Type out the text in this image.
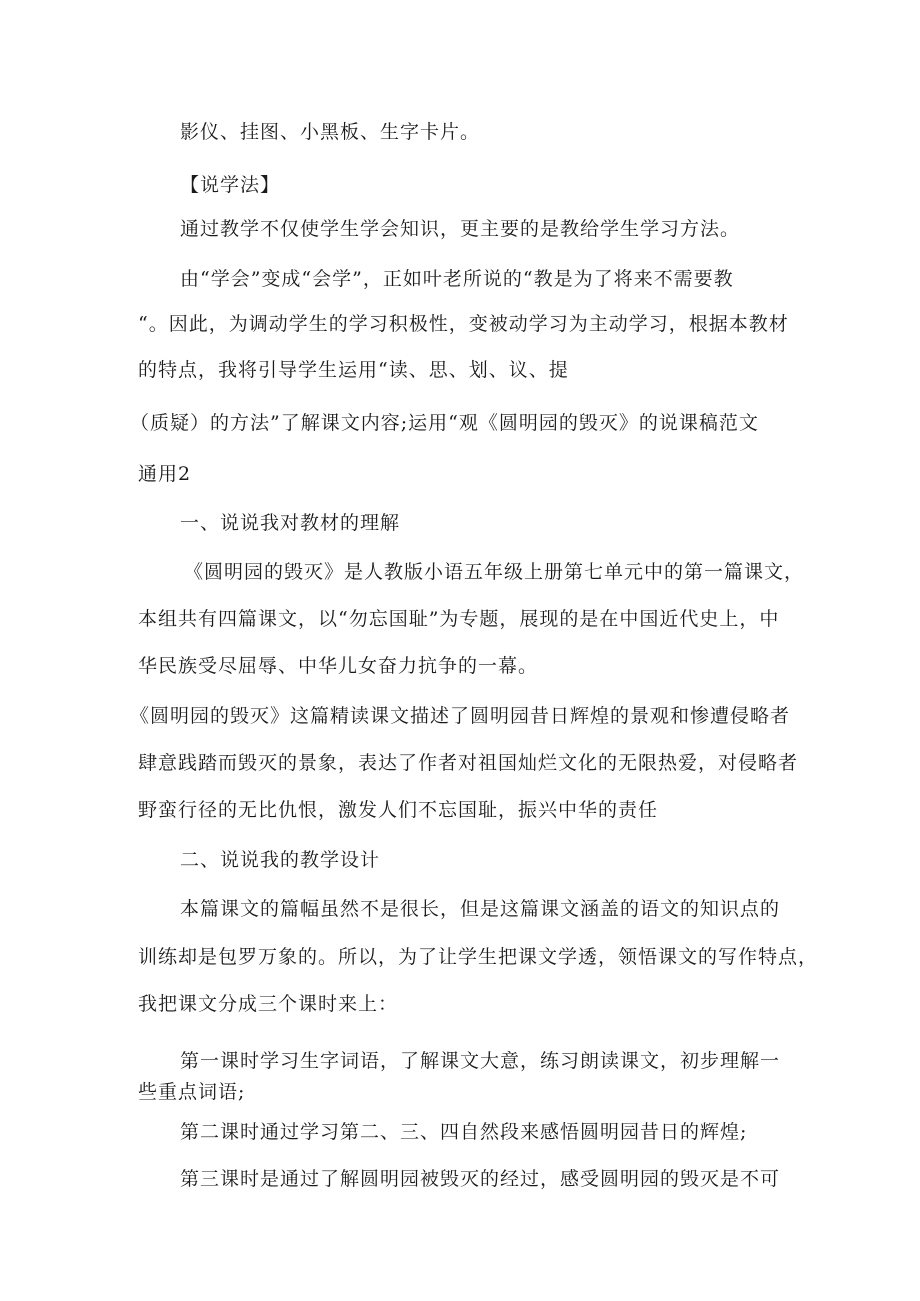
影仪、挂图、小黑板、生字卡片。
【说学法】
通过教学不仅使学生学会知识，更主要的是教给学生学习方法。
由“学会”变成“会学”，正如叶老所说的“教是为了将来不需要教
“。因此，为调动学生的学习积极性，变被动学习为主动学习，根据本教材
的特点，我将引导学生运用“读、思、划、议、提
（质疑）的方法”了解课文内容;运用“观《圆明园的毁灭》的说课稿范文
通用2
一、说说我对教材的理解
《圆明园的毁灭》是人教版小语五年级上册第七单元中的第一篇课文，
本组共有四篇课文，以“勿忘国耻”为专题，展现的是在中国近代史上，中
华民族受尽屈辱、中华儿女奋力抗争的一幕。
《圆明园的毁灭》这篇精读课文描述了圆明园昔日辉煌的景观和惨遭侵略者
肆意践踏而毁灭的景象，表达了作者对祖国灿烂文化的无限热爱，对侵略者
野蛮行径的无比仇恨，激发人们不忘国耻，振兴中华的责任
二、说说我的教学设计
本篇课文的篇幅虽然不是很长，但是这篇课文涵盖的语文的知识点的
训练却是包罗万象的。所以，为了让学生把课文学透，领悟课文的写作特点，
我把课文分成三个课时来上：
第一课时学习生字词语，了解课文大意，练习朗读课文，初步理解一
些重点词语;
第二课时通过学习第二、三、四自然段来感悟圆明园昔日的辉煌;
第三课时是通过了解圆明园被毁灭的经过，感受圆明园的毁灭是不可
